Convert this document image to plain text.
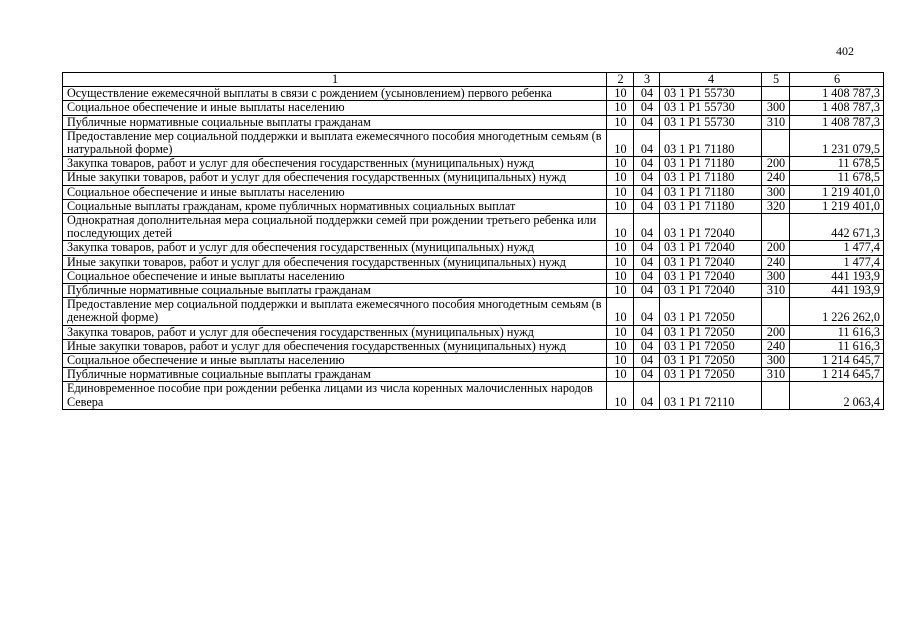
402
1	2	3	4	5	6
Осуществление ежемесячной выплаты в связи с рождением (усыновлением) первого ребенка	10	04	03 1 P1 55730		1 408 787,3
Социальное обеспечение и иные выплаты населению	10	04	03 1 P1 55730	300	1 408 787,3
Публичные нормативные социальные выплаты гражданам	10	04	03 1 P1 55730	310	1 408 787,3
Предоставление мер социальной поддержки и выплата ежемесячного пособия многодетным семьям (в натуральной форме)	10	04	03 1 P1 71180		1 231 079,5
Закупка товаров, работ и услуг для обеспечения государственных (муниципальных) нужд	10	04	03 1 P1 71180	200	11 678,5
Иные закупки товаров, работ и услуг для обеспечения государственных (муниципальных) нужд	10	04	03 1 P1 71180	240	11 678,5
Социальное обеспечение и иные выплаты населению	10	04	03 1 P1 71180	300	1 219 401,0
Социальные выплаты гражданам, кроме публичных нормативных социальных выплат	10	04	03 1 P1 71180	320	1 219 401,0
Однократная дополнительная мера социальной поддержки семей при рождении третьего ребенка или последующих детей	10	04	03 1 P1 72040		442 671,3
Закупка товаров, работ и услуг для обеспечения государственных (муниципальных) нужд	10	04	03 1 P1 72040	200	1 477,4
Иные закупки товаров, работ и услуг для обеспечения государственных (муниципальных) нужд	10	04	03 1 P1 72040	240	1 477,4
Социальное обеспечение и иные выплаты населению	10	04	03 1 P1 72040	300	441 193,9
Публичные нормативные социальные выплаты гражданам	10	04	03 1 P1 72040	310	441 193,9
Предоставление мер социальной поддержки и выплата ежемесячного пособия многодетным семьям (в денежной форме)	10	04	03 1 P1 72050		1 226 262,0
Закупка товаров, работ и услуг для обеспечения государственных (муниципальных) нужд	10	04	03 1 P1 72050	200	11 616,3
Иные закупки товаров, работ и услуг для обеспечения государственных (муниципальных) нужд	10	04	03 1 P1 72050	240	11 616,3
Социальное обеспечение и иные выплаты населению	10	04	03 1 P1 72050	300	1 214 645,7
Публичные нормативные социальные выплаты гражданам	10	04	03 1 P1 72050	310	1 214 645,7
Единовременное пособие при рождении ребенка лицами из числа коренных малочисленных народов Севера	10	04	03 1 P1 72110		2 063,4
